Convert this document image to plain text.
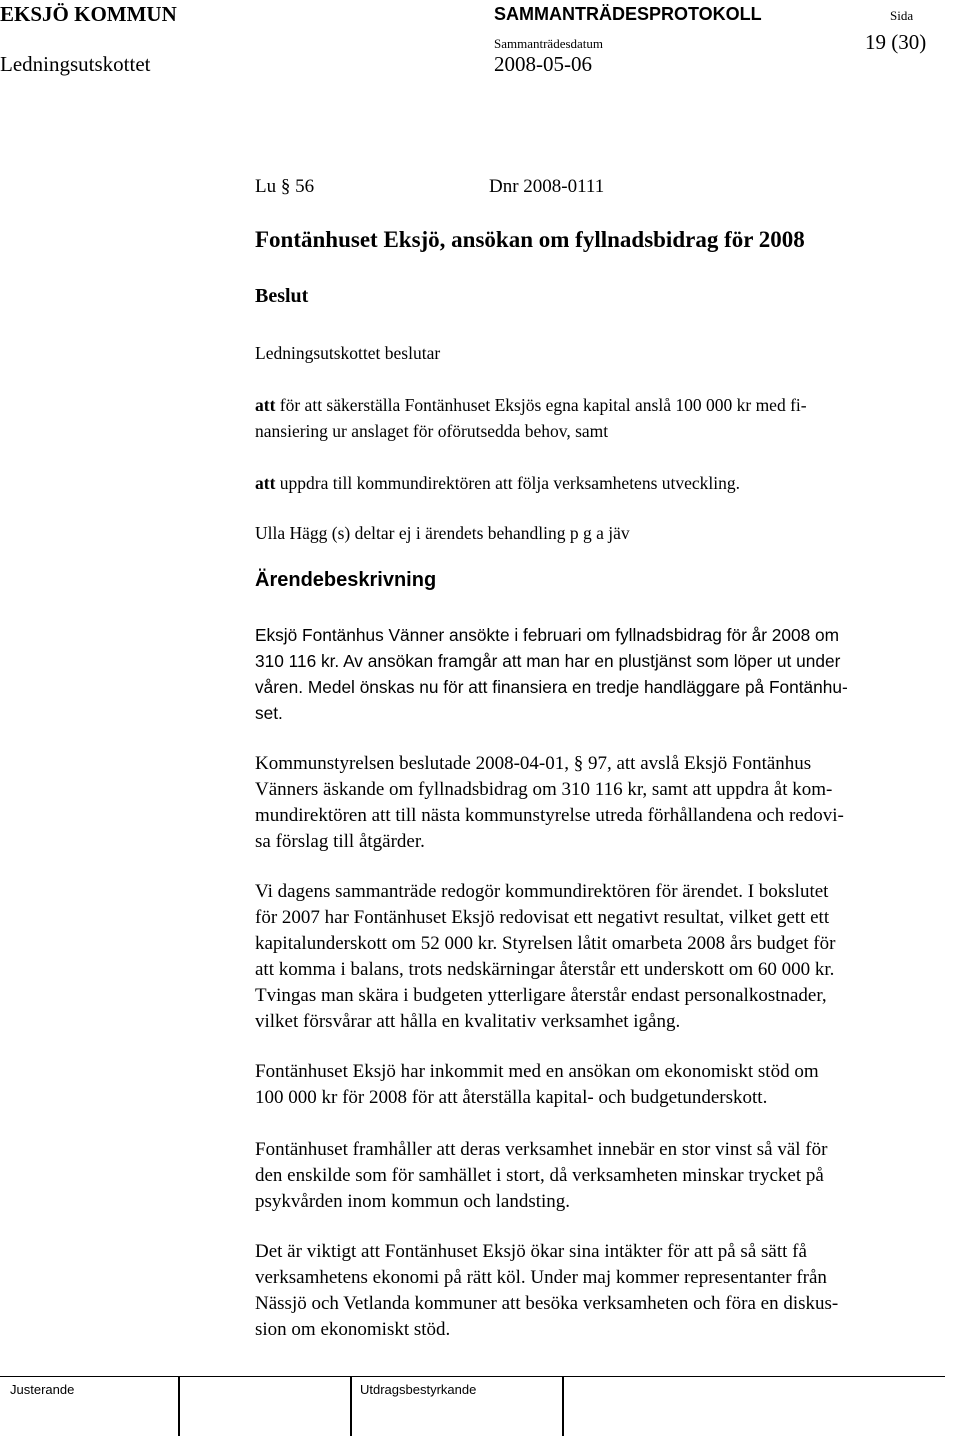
EKSJÖ KOMMUN	SAMMANTRÄDESPROTOKOLL	Sida
19 (30)
Ledningsutskottet
Sammanträdesdatum
2008-05-06
Lu § 56	Dnr 2008-0111
Fontänhuset Eksjö, ansökan om fyllnadsbidrag för 2008
Beslut
Ledningsutskottet beslutar
att för att säkerställa Fontänhuset Eksjös egna kapital anslå 100 000 kr med fi-
nansiering ur anslaget för oförutsedda behov, samt
att uppdra till kommundirektören att följa verksamhetens utveckling.
Ulla Hägg (s) deltar ej i ärendets behandling p g a jäv
Ärendebeskrivning
Eksjö Fontänhus Vänner ansökte i februari om fyllnadsbidrag för år 2008 om
310 116 kr. Av ansökan framgår att man har en plustjänst som löper ut under
våren. Medel önskas nu för att finansiera en tredje handläggare på Fontänhu-
set.
Kommunstyrelsen beslutade 2008-04-01, § 97, att avslå Eksjö Fontänhus
Vänners äskande om fyllnadsbidrag om 310 116 kr, samt att uppdra åt kom-
mundirektören att till nästa kommunstyrelse utreda förhållandena och redovi-
sa förslag till åtgärder.
Vi dagens sammanträde redogör kommundirektören för ärendet. I bokslutet
för 2007 har Fontänhuset Eksjö redovisat ett negativt resultat, vilket gett ett
kapitalunderskott om 52 000 kr. Styrelsen låtit omarbeta 2008 års budget för
att komma i balans, trots nedskärningar återstår ett underskott om 60 000 kr.
Tvingas man skära i budgeten ytterligare återstår endast personalkostnader,
vilket försvårar att hålla en kvalitativ verksamhet igång.
Fontänhuset Eksjö har inkommit med en ansökan om ekonomiskt stöd om
100 000 kr för 2008 för att återställa kapital- och budgetunderskott.
Fontänhuset framhåller att deras verksamhet innebär en stor vinst så väl för
den enskilde som för samhället i stort, då verksamheten minskar trycket på
psykvården inom kommun och landsting.
Det är viktigt att Fontänhuset Eksjö ökar sina intäkter för att på så sätt få
verksamhetens ekonomi på rätt köl. Under maj kommer representanter från
Nässjö och Vetlanda kommuner att besöka verksamheten och föra en diskus-
sion om ekonomiskt stöd.
Justerande	Utdragsbestyrkande
